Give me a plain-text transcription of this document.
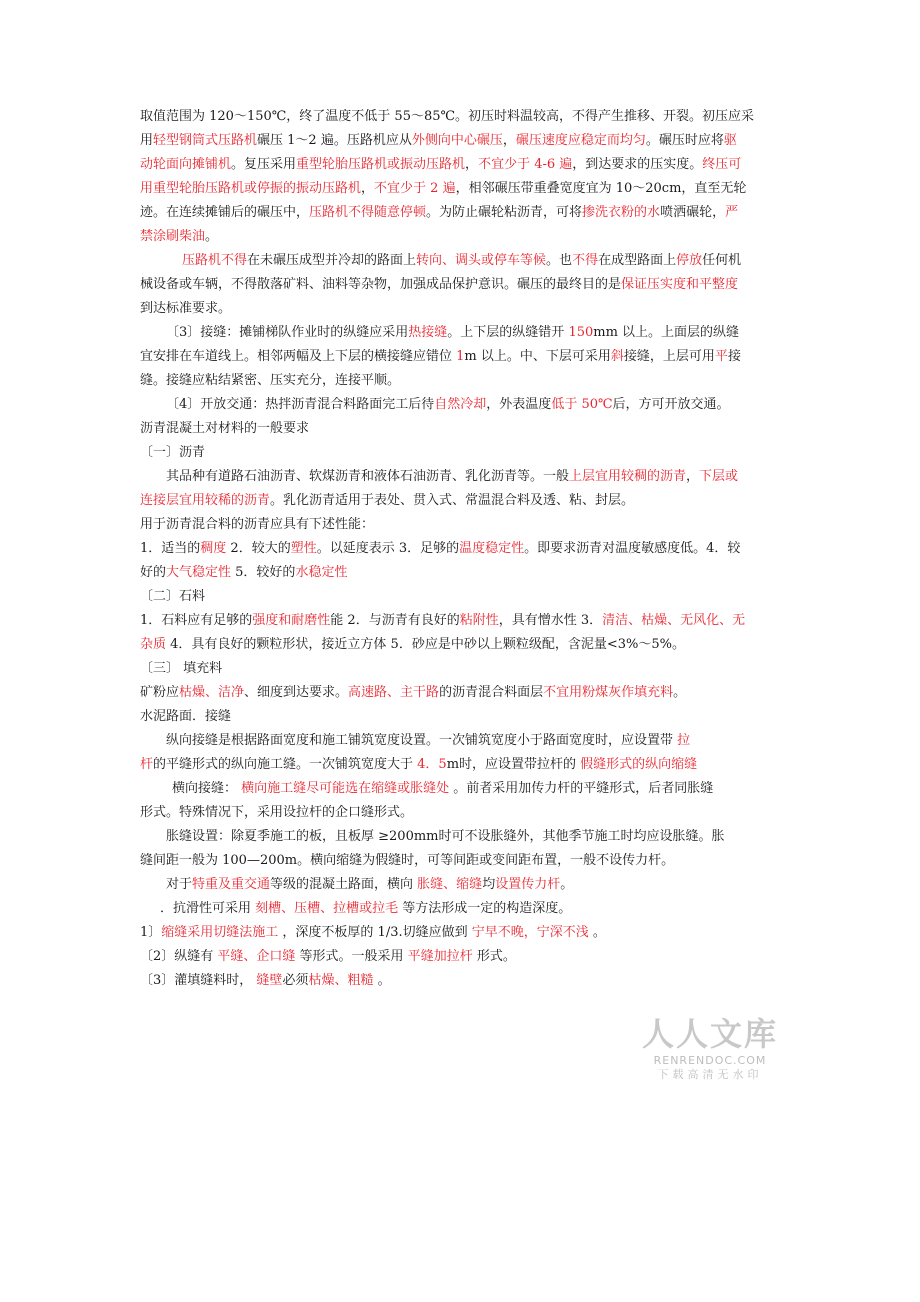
取值范围为 120～150℃，终了温度不低于 55～85℃。初压时料温较高，不得产生推移、开裂。初压应采
用轻型钢筒式压路机碾压 1～2 遍。压路机应从外侧向中心碾压，碾压速度应稳定而均匀。碾压时应将驱
动轮面向摊铺机。复压采用重型轮胎压路机或振动压路机，不宜少于 4-6 遍，到达要求的压实度。终压可
用重型轮胎压路机或停振的振动压路机，不宜少于 2 遍，相邻碾压带重叠宽度宜为 10～20cm，直至无轮
迹。在连续摊铺后的碾压中，压路机不得随意停顿。为防止碾轮粘沥青，可将掺洗衣粉的水喷洒碾轮，严
禁涂刷柴油。
压路机不得在未碾压成型并冷却的路面上转向、调头或停车等候。也不得在成型路面上停放任何机
械设备或车辆，不得散落矿料、油料等杂物，加强成品保护意识。碾压的最终目的是保证压实度和平整度
到达标准要求。
〔3〕接缝：摊铺梯队作业时的纵缝应采用热接缝。上下层的纵缝错开 150mm 以上。上面层的纵缝
宜安排在车道线上。相邻两幅及上下层的横接缝应错位 1m 以上。中、下层可采用斜接缝，上层可用平接
缝。接缝应粘结紧密、压实充分，连接平顺。
〔4〕开放交通：热拌沥青混合料路面完工后待自然冷却，外表温度低于 50℃后，方可开放交通。
沥青混凝土对材料的一般要求
〔一〕沥青
其品种有道路石油沥青、软煤沥青和液体石油沥青、乳化沥青等。一般上层宜用较稠的沥青，下层或
连接层宜用较稀的沥青。乳化沥青适用于表处、贯入式、常温混合料及透、粘、封层。
用于沥青混合料的沥青应具有下述性能：
1．适当的稠度 2．较大的塑性。以延度表示 3．足够的温度稳定性。即要求沥青对温度敏感度低。4．较
好的大气稳定性 5．较好的水稳定性
〔二〕石料
1．石料应有足够的强度和耐磨性能 2．与沥青有良好的粘附性，具有憎水性 3．清洁、枯燥、无风化、无
杂质 4．具有良好的颗粒形状，接近立方体 5．砂应是中砂以上颗粒级配，含泥量<3%～5%。
〔三〕 填充料
矿粉应枯燥、洁净、细度到达要求。高速路、主干路的沥青混合料面层不宜用粉煤灰作填充料。
水泥路面．接缝
纵向接缝是根据路面宽度和施工铺筑宽度设置。一次铺筑宽度小于路面宽度时，应设置带 拉
杆的平缝形式的纵向施工缝。一次铺筑宽度大于 4．5m时，应设置带拉杆的 假缝形式的纵向缩缝
横向接缝： 横向施工缝尽可能选在缩缝或胀缝处 。前者采用加传力杆的平缝形式，后者同胀缝
形式。特殊情况下，采用设拉杆的企口缝形式。
胀缝设置：除夏季施工的板，且板厚 ≥200mm时可不设胀缝外，其他季节施工时均应设胀缝。胀
缝间距一般为 100—200m。横向缩缝为假缝时，可等间距或变间距布置，一般不设传力杆。
对于特重及重交通等级的混凝土路面，横向 胀缝、缩缝均设置传力杆。
．抗滑性可采用 刻槽、压槽、拉槽或拉毛 等方法形成一定的构造深度。
1〕缩缝采用切缝法施工 ，深度不板厚的 1/3.切缝应做到 宁早不晚，宁深不浅 。
〔2〕纵缝有 平缝、企口缝 等形式。一般采用 平缝加拉杆 形式。
〔3〕灌填缝料时， 缝壁必须枯燥、粗糙 。
人人文库
RENRENDOC.COM
下载高清无水印
